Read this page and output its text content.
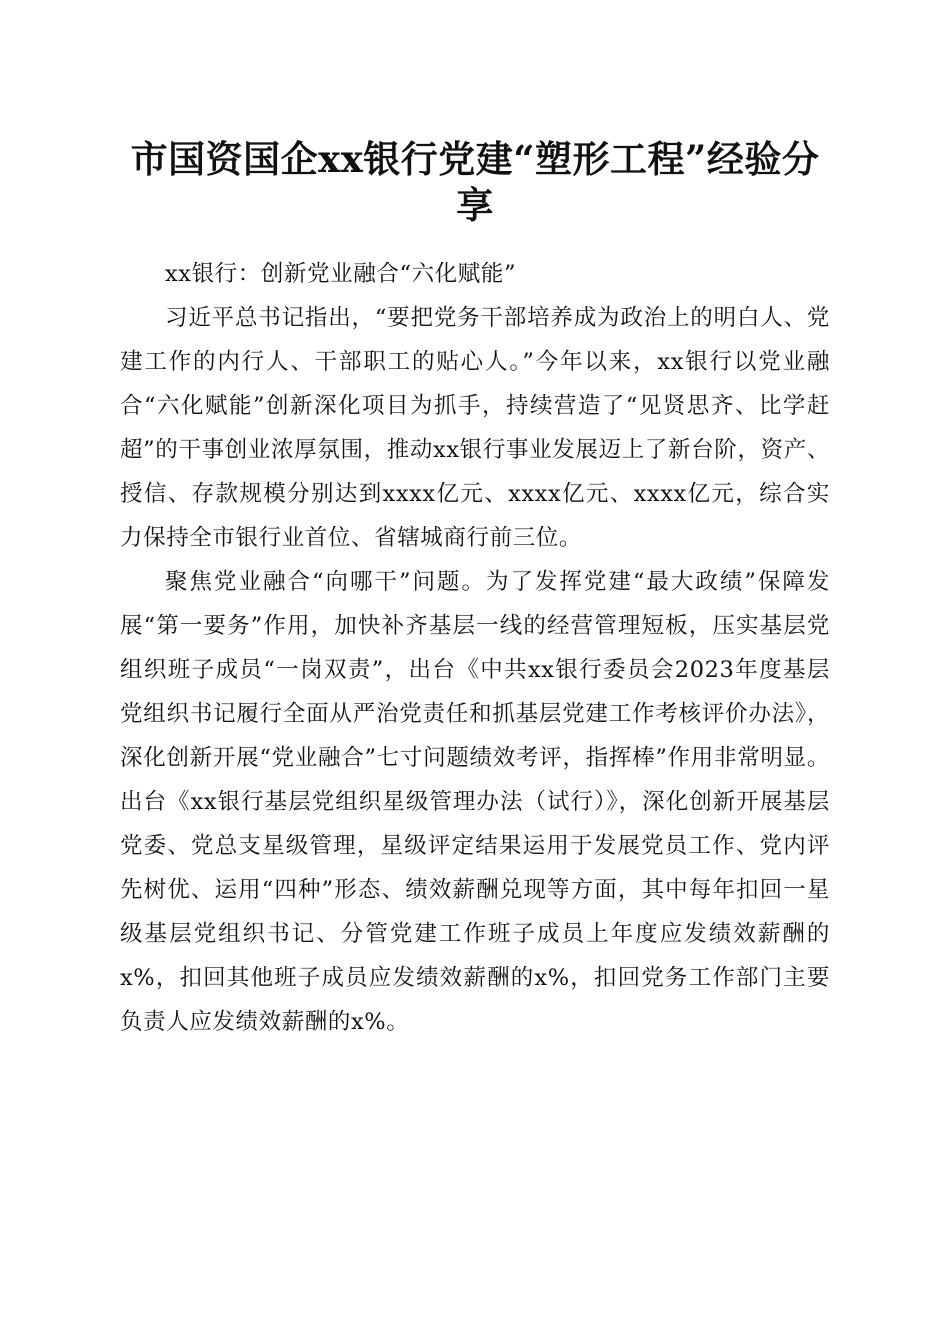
市国资国企xx银行党建“塑形工程”经验分享

xx银行：创新党业融合“六化赋能”

习近平总书记指出，“要把党务干部培养成为政治上的明白人、党建工作的内行人、干部职工的贴心人。”今年以来，xx银行以党业融合“六化赋能”创新深化项目为抓手，持续营造了“见贤思齐、比学赶超”的干事创业浓厚氛围，推动xx银行事业发展迈上了新台阶，资产、授信、存款规模分别达到xxxx亿元、xxxx亿元、xxxx亿元，综合实力保持全市银行业首位、省辖城商行前三位。

聚焦党业融合“向哪干”问题。为了发挥党建“最大政绩”保障发展“第一要务”作用，加快补齐基层一线的经营管理短板，压实基层党组织班子成员“一岗双责”，出台《中共xx银行委员会2023年度基层党组织书记履行全面从严治党责任和抓基层党建工作考核评价办法》，深化创新开展“党业融合”七寸问题绩效考评，指挥棒”作用非常明显。出台《xx银行基层党组织星级管理办法（试行）》，深化创新开展基层党委、党总支星级管理，星级评定结果运用于发展党员工作、党内评先树优、运用“四种”形态、绩效薪酬兑现等方面，其中每年扣回一星级基层党组织书记、分管党建工作班子成员上年度应发绩效薪酬的x%，扣回其他班子成员应发绩效薪酬的x%，扣回党务工作部门主要负责人应发绩效薪酬的x%。
